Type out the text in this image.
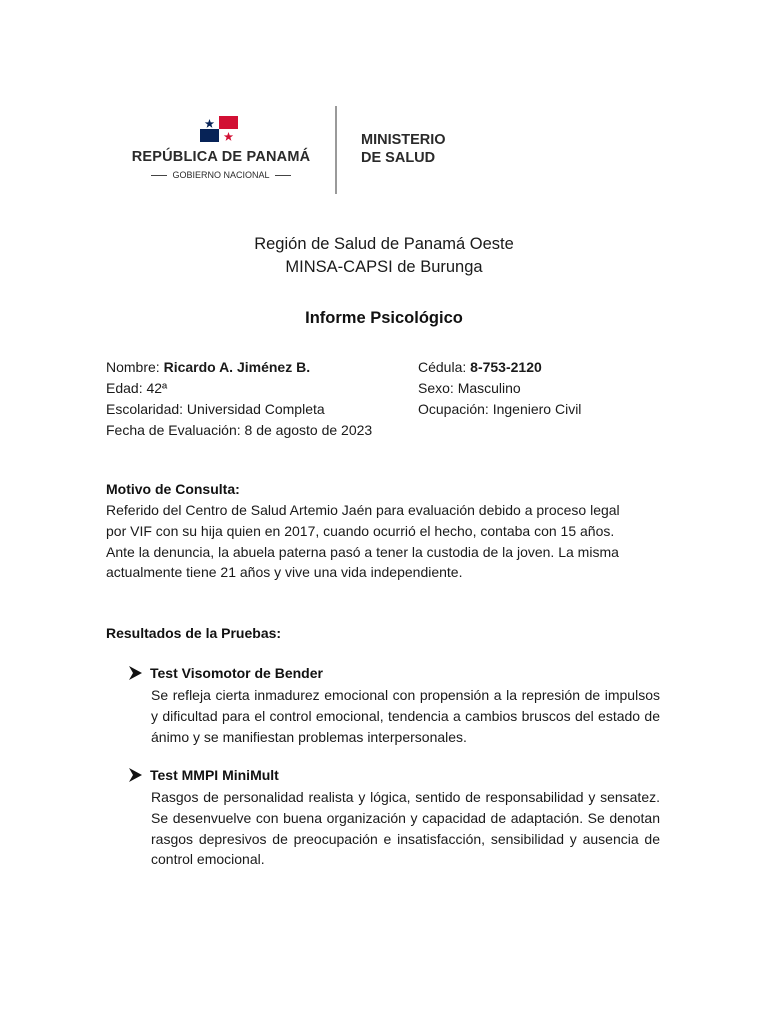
REPÚBLICA DE PANAMÁ
GOBIERNO NACIONAL
MINISTERIO
DE SALUD
Región de Salud de Panamá Oeste
MINSA-CAPSI de Burunga
Informe Psicológico
Nombre: Ricardo A. Jiménez B.
Edad: 42ª
Escolaridad: Universidad Completa
Fecha de Evaluación: 8 de agosto de 2023
Cédula: 8-753-2120
Sexo: Masculino
Ocupación: Ingeniero Civil
Motivo de Consulta:
Referido del Centro de Salud Artemio Jaén para evaluación debido a proceso legal
por VIF con su hija quien en 2017, cuando ocurrió el hecho, contaba con 15 años.
Ante la denuncia, la abuela paterna pasó a tener la custodia de la joven. La misma
actualmente tiene 21 años y vive una vida independiente.
Resultados de la Pruebas:
Test Visomotor de Bender
Se refleja cierta inmadurez emocional con propensión a la represión de impulsos y dificultad para el control emocional, tendencia a cambios bruscos del estado de ánimo y se manifiestan problemas interpersonales.
Test MMPI MiniMult
Rasgos de personalidad realista y lógica, sentido de responsabilidad y sensatez. Se desenvuelve con buena organización y capacidad de adaptación. Se denotan rasgos depresivos de preocupación e insatisfacción, sensibilidad y ausencia de control emocional.
